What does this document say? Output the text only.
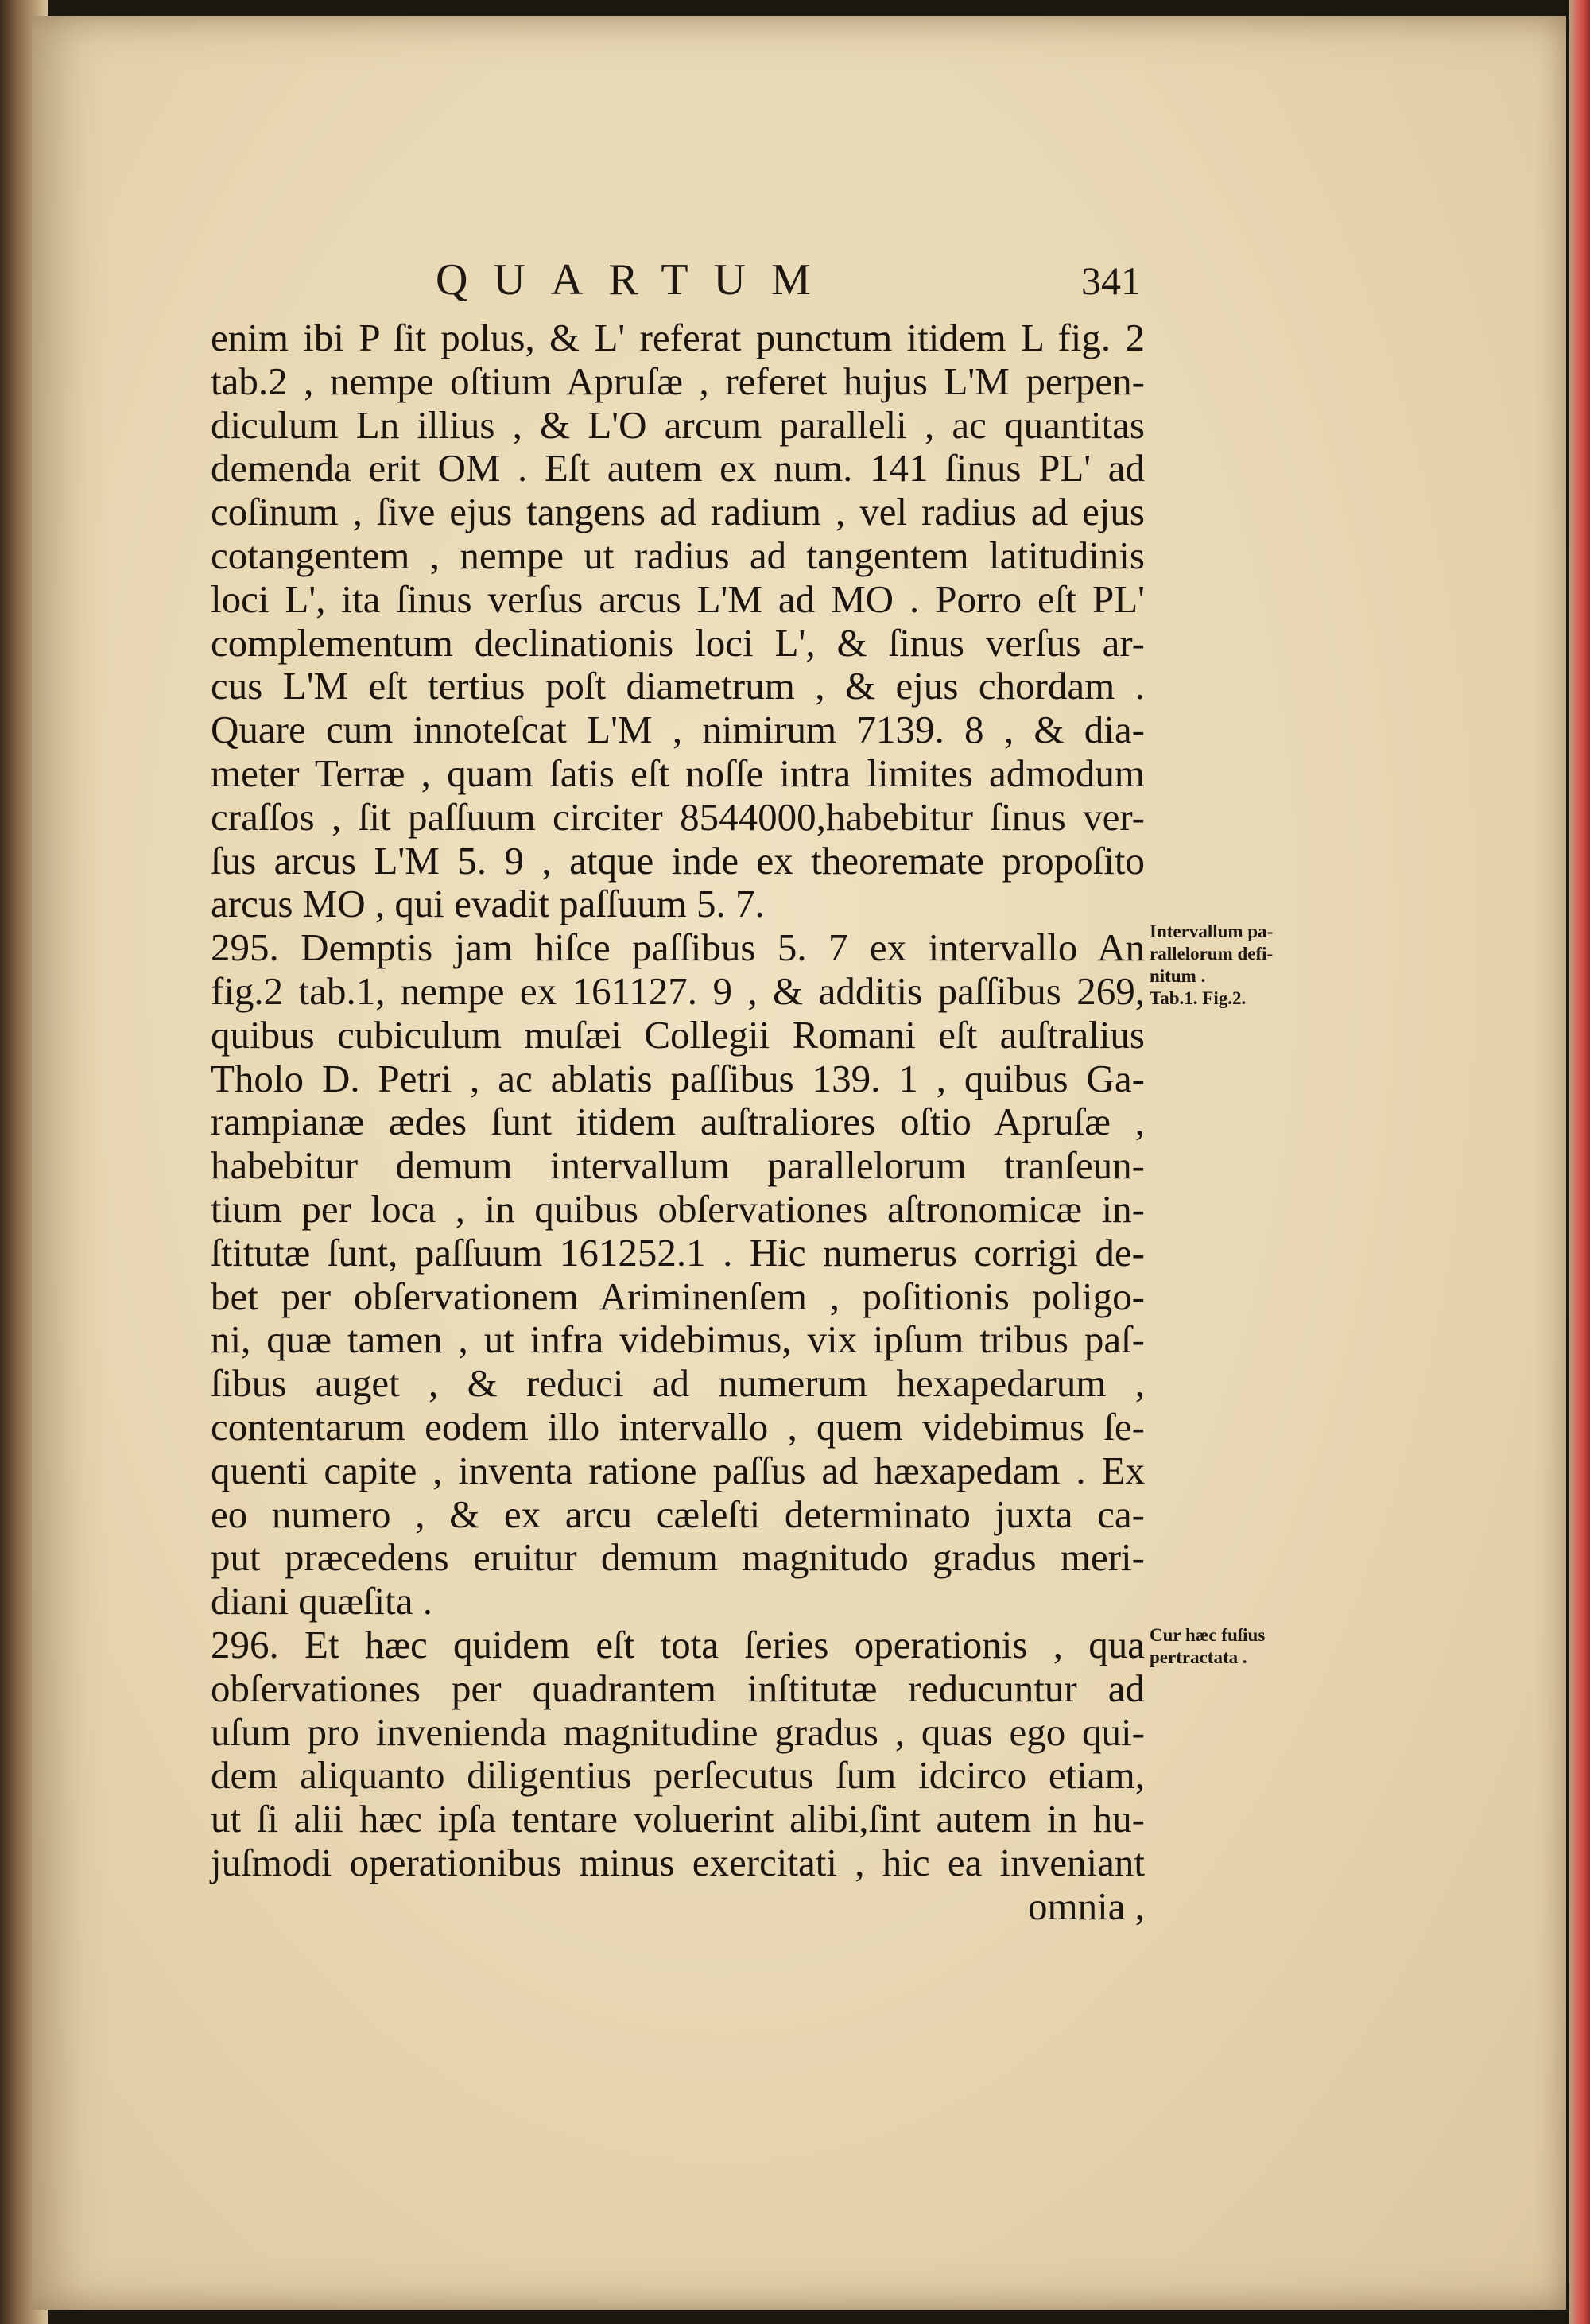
QUARTUM	341
enim ibi P ſit polus, & L' referat punctum itidem L fig. 2
tab.2 , nempe oſtium Apruſæ , referet hujus L'M perpen-
diculum Ln illius , & L'O arcum paralleli , ac quantitas
demenda erit OM . Eſt autem ex num. 141 ſinus PL' ad
coſinum , ſive ejus tangens ad radium , vel radius ad ejus
cotangentem , nempe ut radius ad tangentem latitudinis
loci L', ita ſinus verſus arcus L'M ad MO . Porro eſt PL'
complementum declinationis loci L', & ſinus verſus ar-
cus L'M eſt tertius poſt diametrum , & ejus chordam .
Quare cum innoteſcat L'M , nimirum 7139. 8 , & dia-
meter Terræ , quam ſatis eſt noſſe intra limites admodum
craſſos , ſit paſſuum circiter 8544000,habebitur ſinus ver-
ſus arcus L'M 5. 9 , atque inde ex theoremate propoſito
arcus MO , qui evadit paſſuum 5. 7.
295. Demptis jam hiſce paſſibus 5. 7 ex intervallo An
fig.2 tab.1, nempe ex 161127. 9 , & additis paſſibus 269,
quibus cubiculum muſæi Collegii Romani eſt auſtralius
Tholo D. Petri , ac ablatis paſſibus 139. 1 , quibus Ga-
rampianæ ædes ſunt itidem auſtraliores oſtio Apruſæ ,
habebitur demum intervallum parallelorum tranſeun-
tium per loca , in quibus obſervationes aſtronomicæ in-
ſtitutæ ſunt, paſſuum 161252.1 . Hic numerus corrigi de-
bet per obſervationem Ariminenſem , poſitionis poligo-
ni, quæ tamen , ut infra videbimus, vix ipſum tribus paſ-
ſibus auget , & reduci ad numerum hexapedarum ,
contentarum eodem illo intervallo , quem videbimus ſe-
quenti capite , inventa ratione paſſus ad hæxapedam . Ex
eo numero , & ex arcu cæleſti determinato juxta ca-
put præcedens eruitur demum magnitudo gradus meri-
diani quæſita .
296. Et hæc quidem eſt tota ſeries operationis , qua
obſervationes per quadrantem inſtitutæ reducuntur ad
uſum pro invenienda magnitudine gradus , quas ego qui-
dem aliquanto diligentius perſecutus ſum idcirco etiam,
ut ſi alii hæc ipſa tentare voluerint alibi,ſint autem in hu-
juſmodi operationibus minus exercitati , hic ea inveniant
omnia ,
Intervallum pa-
rallelorum defi-
nitum .
Tab.1. Fig.2.
Cur hæc fuſius
pertractata .
